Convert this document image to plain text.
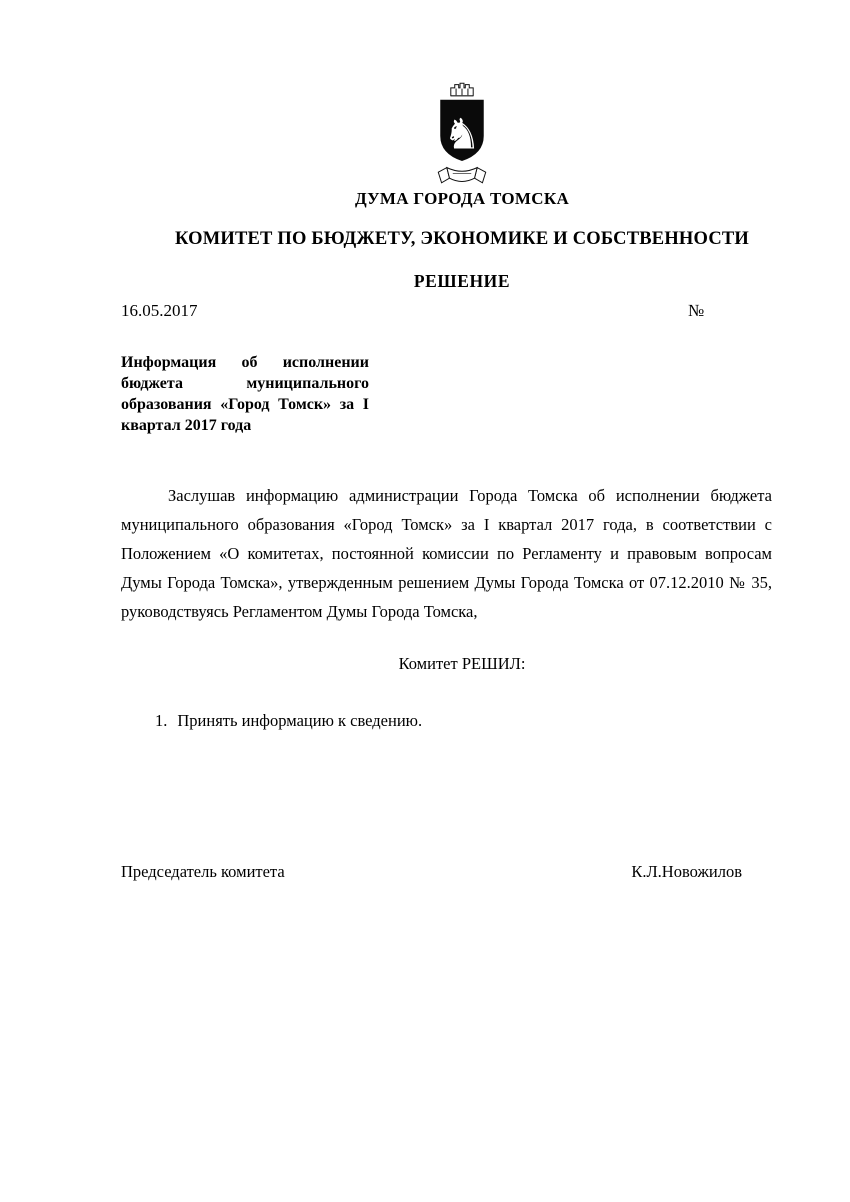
♞
ДУМА ГОРОДА ТОМСКА
КОМИТЕТ ПО БЮДЖЕТУ, ЭКОНОМИКЕ И СОБСТВЕННОСТИ
РЕШЕНИЕ
16.05.2017	№
Информация об исполнении бюджета муниципального образования «Город Томск» за I квартал 2017 года

Заслушав информацию администрации Города Томска об исполнении бюджета муниципального образования «Город Томск» за I квартал 2017 года, в соответствии с Положением «О комитетах, постоянной комиссии по Регламенту и правовым вопросам Думы Города Томска», утвержденным решением Думы Города Томска от 07.12.2010 № 35, руководствуясь Регламентом Думы Города Томска,

Комитет РЕШИЛ:
1. Принять информацию к сведению.
Председатель комитета	К.Л.Новожилов
